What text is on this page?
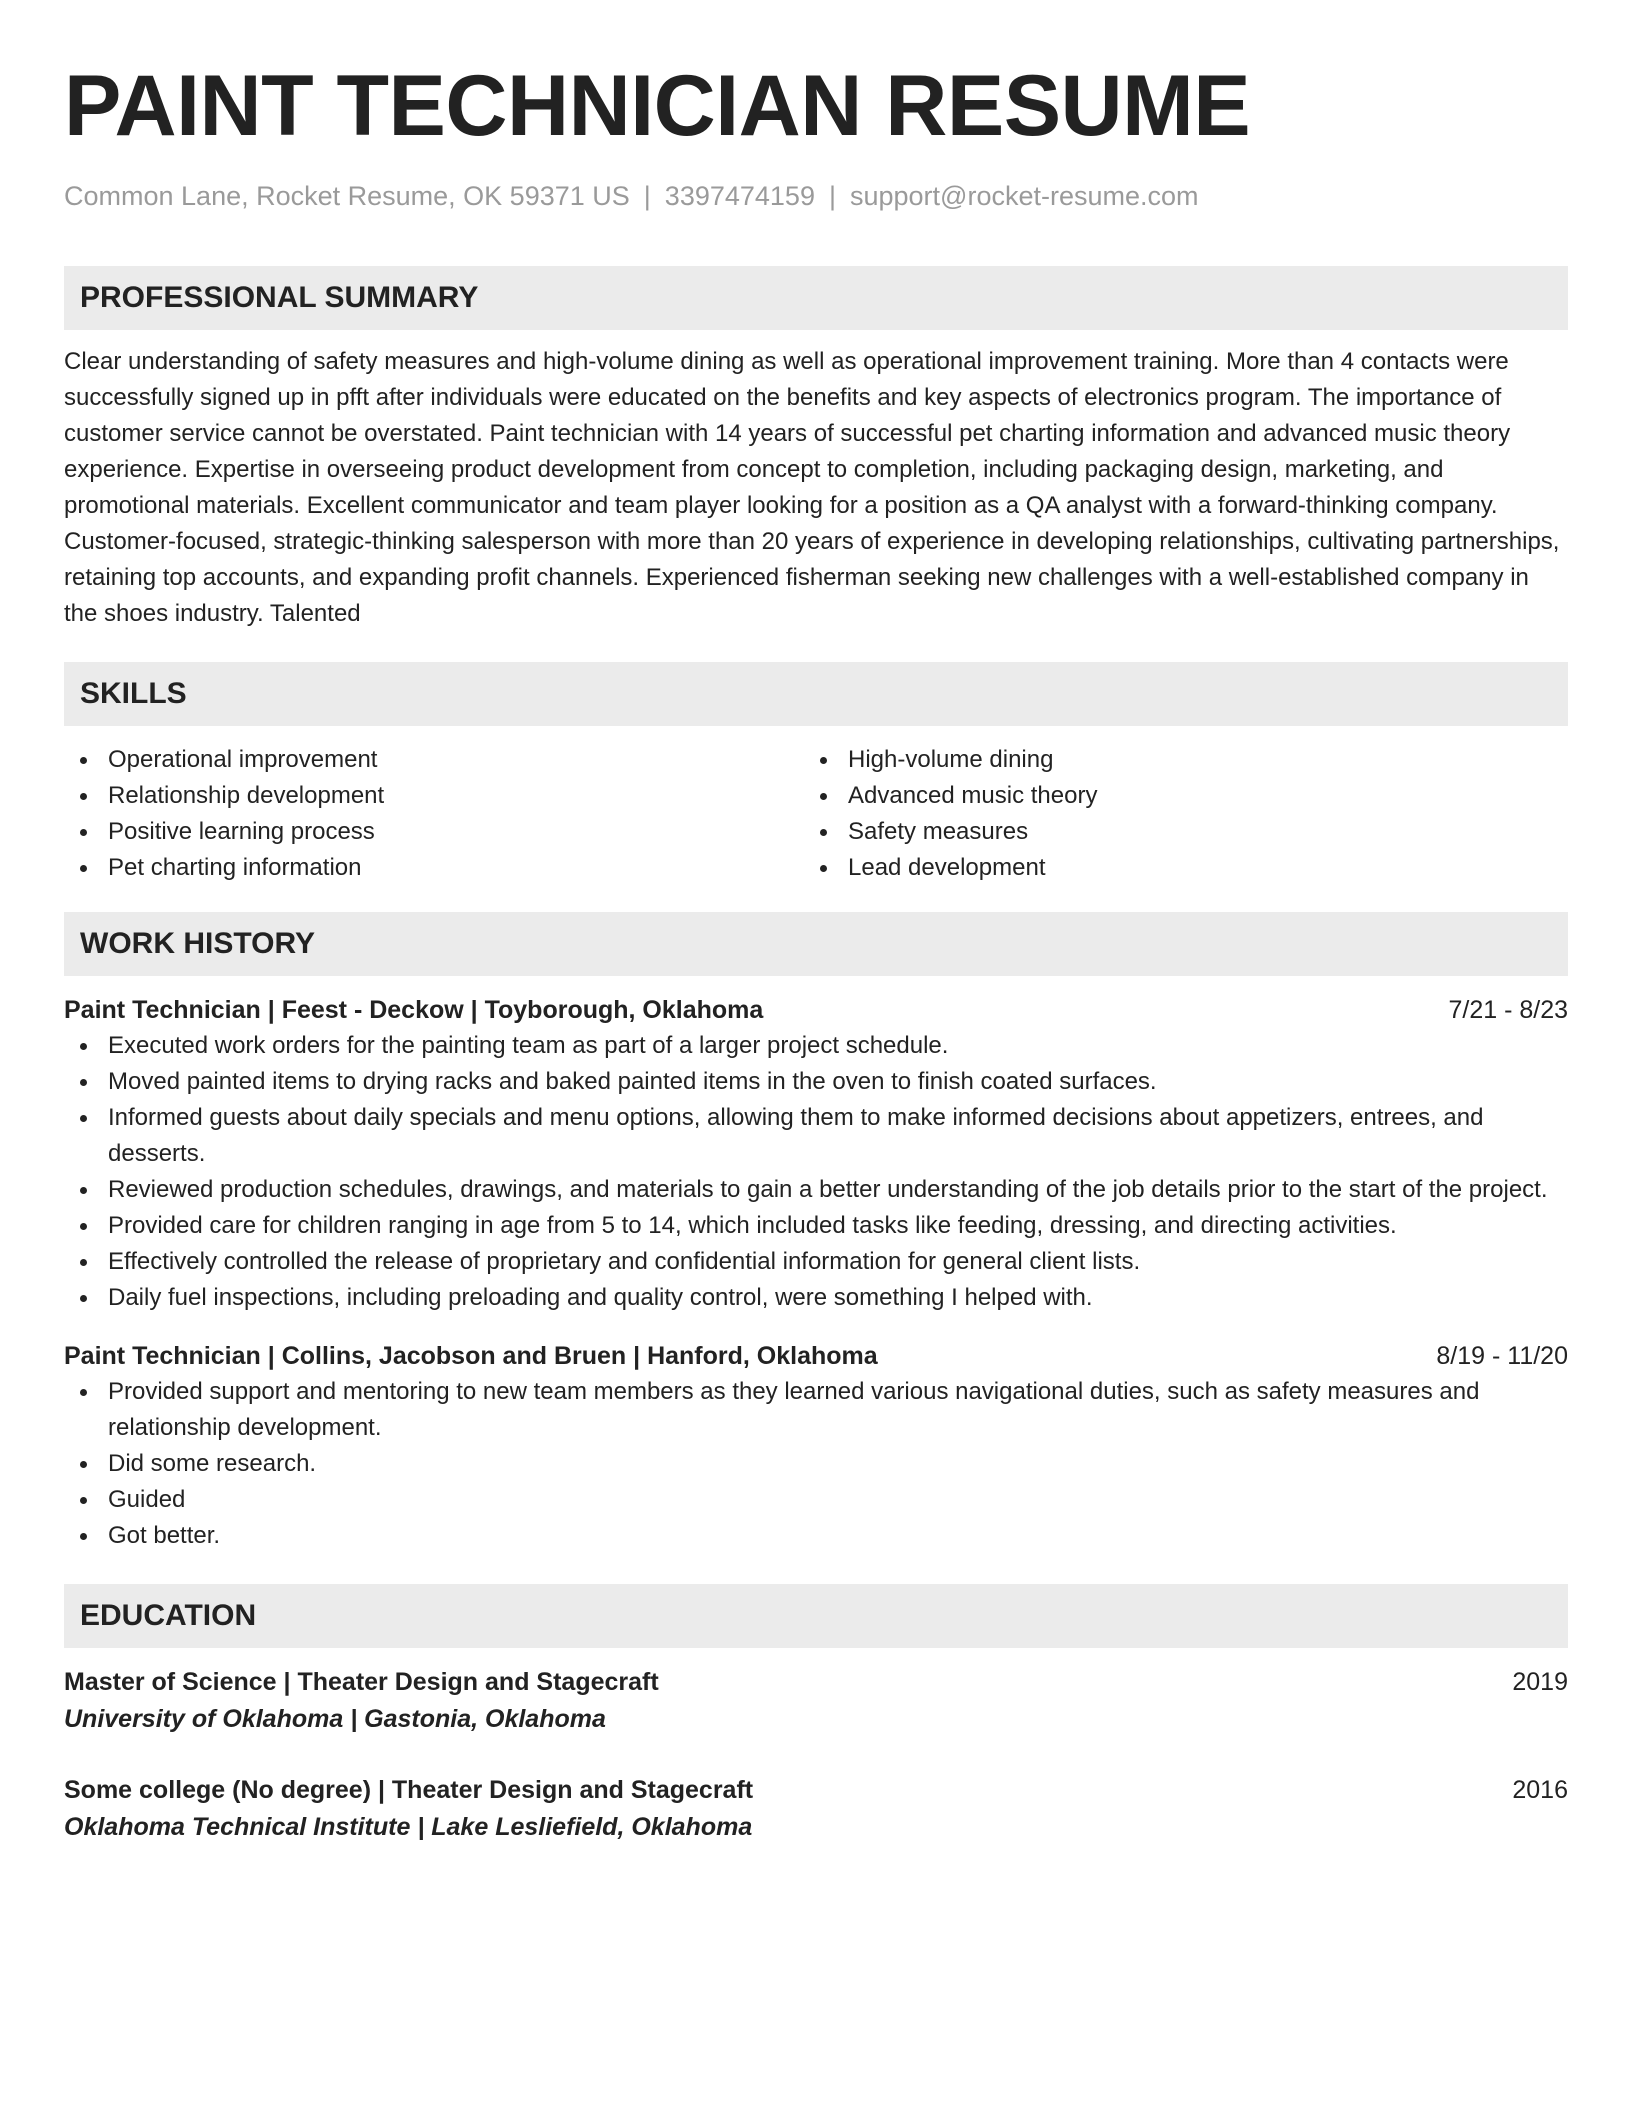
PAINT TECHNICIAN RESUME
Common Lane, Rocket Resume, OK 59371 US | 3397474159 | support@rocket-resume.com
PROFESSIONAL SUMMARY
Clear understanding of safety measures and high-volume dining as well as operational improvement training. More than 4 contacts were successfully signed up in pfft after individuals were educated on the benefits and key aspects of electronics program. The importance of customer service cannot be overstated. Paint technician with 14 years of successful pet charting information and advanced music theory experience. Expertise in overseeing product development from concept to completion, including packaging design, marketing, and promotional materials. Excellent communicator and team player looking for a position as a QA analyst with a forward-thinking company. Customer-focused, strategic-thinking salesperson with more than 20 years of experience in developing relationships, cultivating partnerships, retaining top accounts, and expanding profit channels. Experienced fisherman seeking new challenges with a well-established company in the shoes industry. Talented
SKILLS
Operational improvement
Relationship development
Positive learning process
Pet charting information
High-volume dining
Advanced music theory
Safety measures
Lead development
WORK HISTORY
Paint Technician | Feest - Deckow | Toyborough, Oklahoma	7/21 - 8/23
Executed work orders for the painting team as part of a larger project schedule.
Moved painted items to drying racks and baked painted items in the oven to finish coated surfaces.
Informed guests about daily specials and menu options, allowing them to make informed decisions about appetizers, entrees, and desserts.
Reviewed production schedules, drawings, and materials to gain a better understanding of the job details prior to the start of the project.
Provided care for children ranging in age from 5 to 14, which included tasks like feeding, dressing, and directing activities.
Effectively controlled the release of proprietary and confidential information for general client lists.
Daily fuel inspections, including preloading and quality control, were something I helped with.
Paint Technician | Collins, Jacobson and Bruen | Hanford, Oklahoma	8/19 - 11/20
Provided support and mentoring to new team members as they learned various navigational duties, such as safety measures and relationship development.
Did some research.
Guided
Got better.
EDUCATION
Master of Science | Theater Design and Stagecraft	2019
University of Oklahoma | Gastonia, Oklahoma
Some college (No degree) | Theater Design and Stagecraft	2016
Oklahoma Technical Institute | Lake Lesliefield, Oklahoma
